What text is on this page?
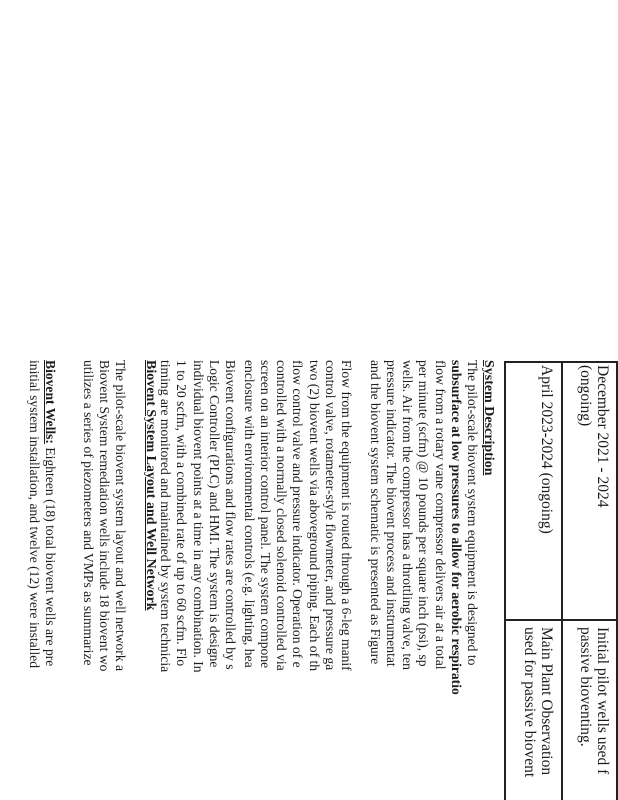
December 2021 - 2024
(ongoing)
Initial pilot wells used f
passive bioventing.
April 2023-2024 (ongoing)
Main Plant Observation
used for passive biovent
System Description
The pilot-scale biovent system equipment is designed to
subsurface at low pressures to allow for aerobic respiratio
flow from a rotary vane compressor delivers air at a total
per minute (scfm) @ 10 pounds per square inch (psi), sp
wells. Air from the compressor has a throttling valve, ten
pressure indicator. The biovent process and instrumentat
and the biovent system schematic is presented as Figure
Flow from the equipment is routed through a 6-leg manif
control valve, rotameter-style flowmeter, and pressure ga
two (2) biovent wells via aboveground piping. Each of th
flow control valve and pressure indicator. Operation of e
controlled with a normally closed solenoid controlled via
screen on an interior control panel. The system compone
enclosure with environmental controls (e.g. lighting, hea
Biovent configurations and flow rates are controlled by s
Logic Controller (PLC) and HMI. The system is designe
individual biovent points at a time in any combination. In
1 to 20 scfm, with a combined rate of up to 60 scfm. Flo
timing are monitored and maintained by system technicia
Biovent System Layout and Well Network
The pilot-scale biovent system layout and well network a
Biovent System remediation wells include 18 biovent wo
utilizes a series of piezometers and VMPs as summarize
Biovent Wells: Eighteen (18) total biovent wells are pre
initial system installation, and twelve (12) were installed
